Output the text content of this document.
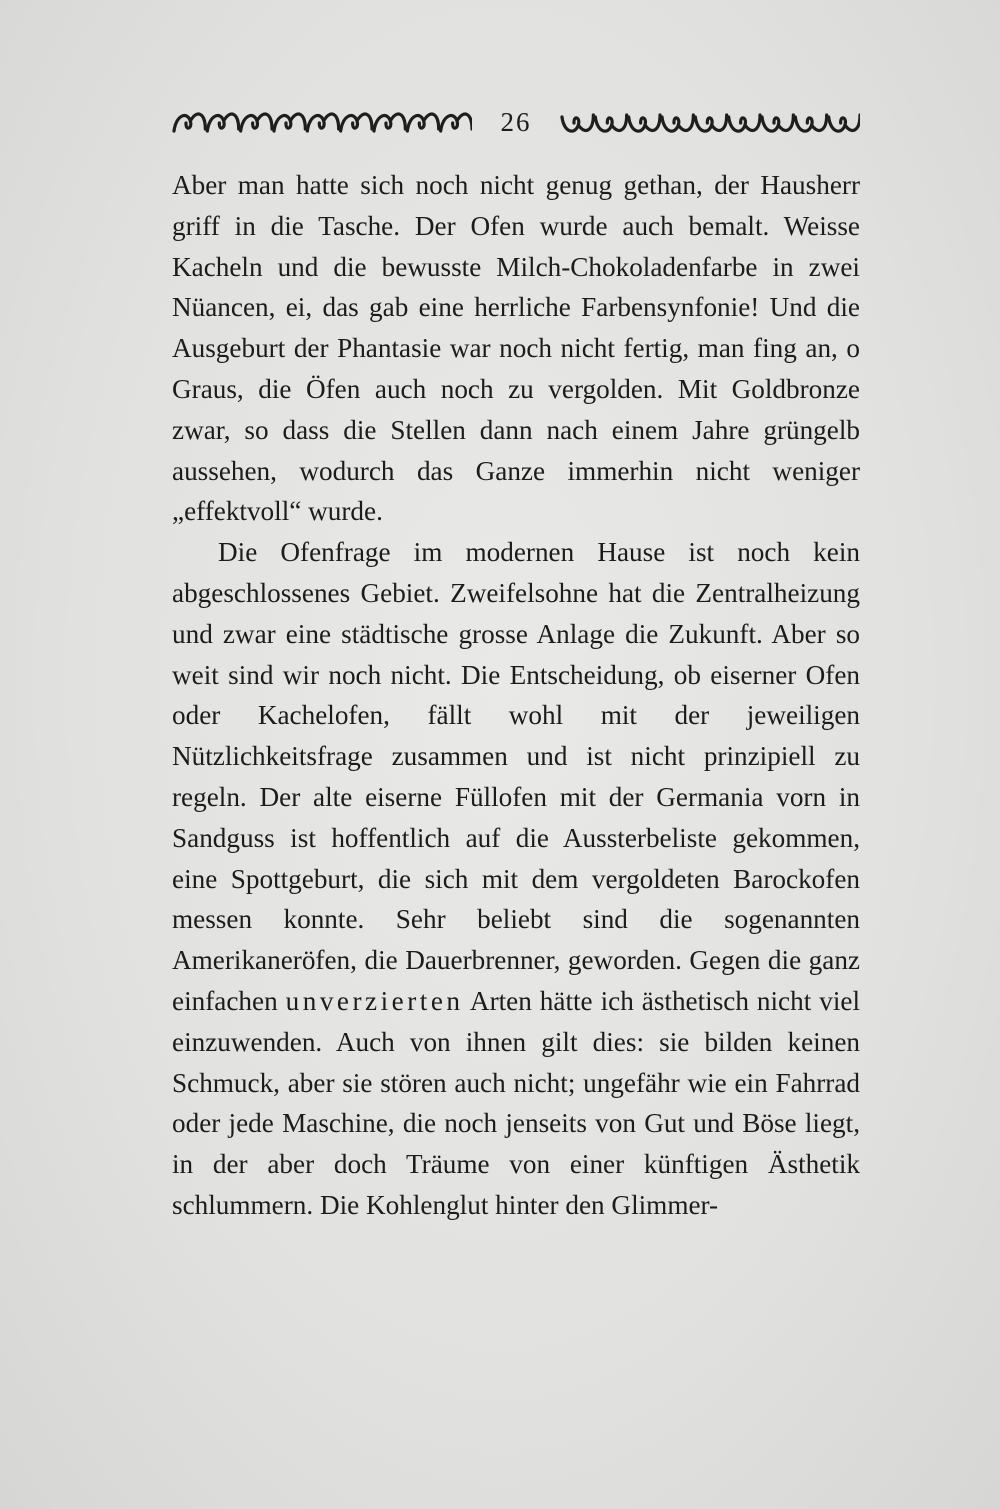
26

Aber man hatte sich noch nicht genug gethan, der Hausherr griff in die Tasche. Der Ofen wurde auch bemalt. Weisse Kacheln und die bewusste Milch-Chokoladenfarbe in zwei Nüancen, ei, das gab eine herrliche Farbensynfonie! Und die Ausgeburt der Phantasie war noch nicht fertig, man fing an, o Graus, die Öfen auch noch zu vergolden. Mit Goldbronze zwar, so dass die Stellen dann nach einem Jahre grüngelb aussehen, wodurch das Ganze immerhin nicht weniger „effektvoll“ wurde.

Die Ofenfrage im modernen Hause ist noch kein abgeschlossenes Gebiet. Zweifelsohne hat die Zentralheizung und zwar eine städtische grosse Anlage die Zukunft. Aber so weit sind wir noch nicht. Die Entscheidung, ob eiserner Ofen oder Kachelofen, fällt wohl mit der jeweiligen Nützlichkeitsfrage zusammen und ist nicht prinzipiell zu regeln. Der alte eiserne Füllofen mit der Germania vorn in Sandguss ist hoffentlich auf die Aussterbeliste gekommen, eine Spottgeburt, die sich mit dem vergoldeten Barockofen messen konnte. Sehr beliebt sind die sogenannten Amerikaneröfen, die Dauerbrenner, geworden. Gegen die ganz einfachen unverzierten Arten hätte ich ästhetisch nicht viel einzuwenden. Auch von ihnen gilt dies: sie bilden keinen Schmuck, aber sie stören auch nicht; ungefähr wie ein Fahrrad oder jede Maschine, die noch jenseits von Gut und Böse liegt, in der aber doch Träume von einer künftigen Ästhetik schlummern. Die Kohlenglut hinter den Glimmer-
